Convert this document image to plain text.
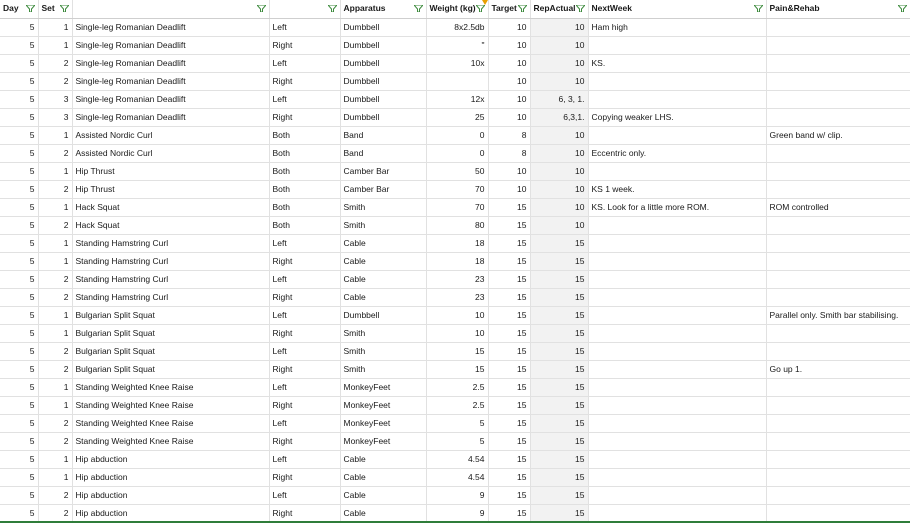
Day	Set			Apparatus	Weight (kg)	Target	RepActual	NextWeek	Pain&Rehab

5	1	Single-leg Romanian Deadlift	Left	Dumbbell	8x2.5db	10	10	Ham high	
5	1	Single-leg Romanian Deadlift	Right	Dumbbell	"	10	10		
5	2	Single-leg Romanian Deadlift	Left	Dumbbell	10x	10	10	KS.	
5	2	Single-leg Romanian Deadlift	Right	Dumbbell		10	10		
5	3	Single-leg Romanian Deadlift	Left	Dumbbell	12x	10	6, 3, 1.		
5	3	Single-leg Romanian Deadlift	Right	Dumbbell	25	10	6,3,1.	Copying weaker LHS.	
5	1	Assisted Nordic Curl	Both	Band	0	8	10		Green band w/ clip.
5	2	Assisted Nordic Curl	Both	Band	0	8	10	Eccentric only.	
5	1	Hip Thrust	Both	Camber Bar	50	10	10		
5	2	Hip Thrust	Both	Camber Bar	70	10	10	KS 1 week.	
5	1	Hack Squat	Both	Smith	70	15	10	KS. Look for a little more ROM.	ROM controlled
5	2	Hack Squat	Both	Smith	80	15	10		
5	1	Standing Hamstring Curl	Left	Cable	18	15	15		
5	1	Standing Hamstring Curl	Right	Cable	18	15	15		
5	2	Standing Hamstring Curl	Left	Cable	23	15	15		
5	2	Standing Hamstring Curl	Right	Cable	23	15	15		
5	1	Bulgarian Split Squat	Left	Dumbbell	10	15	15		Parallel only. Smith bar stabilising.
5	1	Bulgarian Split Squat	Right	Smith	10	15	15		
5	2	Bulgarian Split Squat	Left	Smith	15	15	15		
5	2	Bulgarian Split Squat	Right	Smith	15	15	15		Go up 1.
5	1	Standing Weighted Knee Raise	Left	MonkeyFeet	2.5	15	15		
5	1	Standing Weighted Knee Raise	Right	MonkeyFeet	2.5	15	15		
5	2	Standing Weighted Knee Raise	Left	MonkeyFeet	5	15	15		
5	2	Standing Weighted Knee Raise	Right	MonkeyFeet	5	15	15		
5	1	Hip abduction	Left	Cable	4.54	15	15		
5	1	Hip abduction	Right	Cable	4.54	15	15		
5	2	Hip abduction	Left	Cable	9	15	15		
5	2	Hip abduction	Right	Cable	9	15	15		
